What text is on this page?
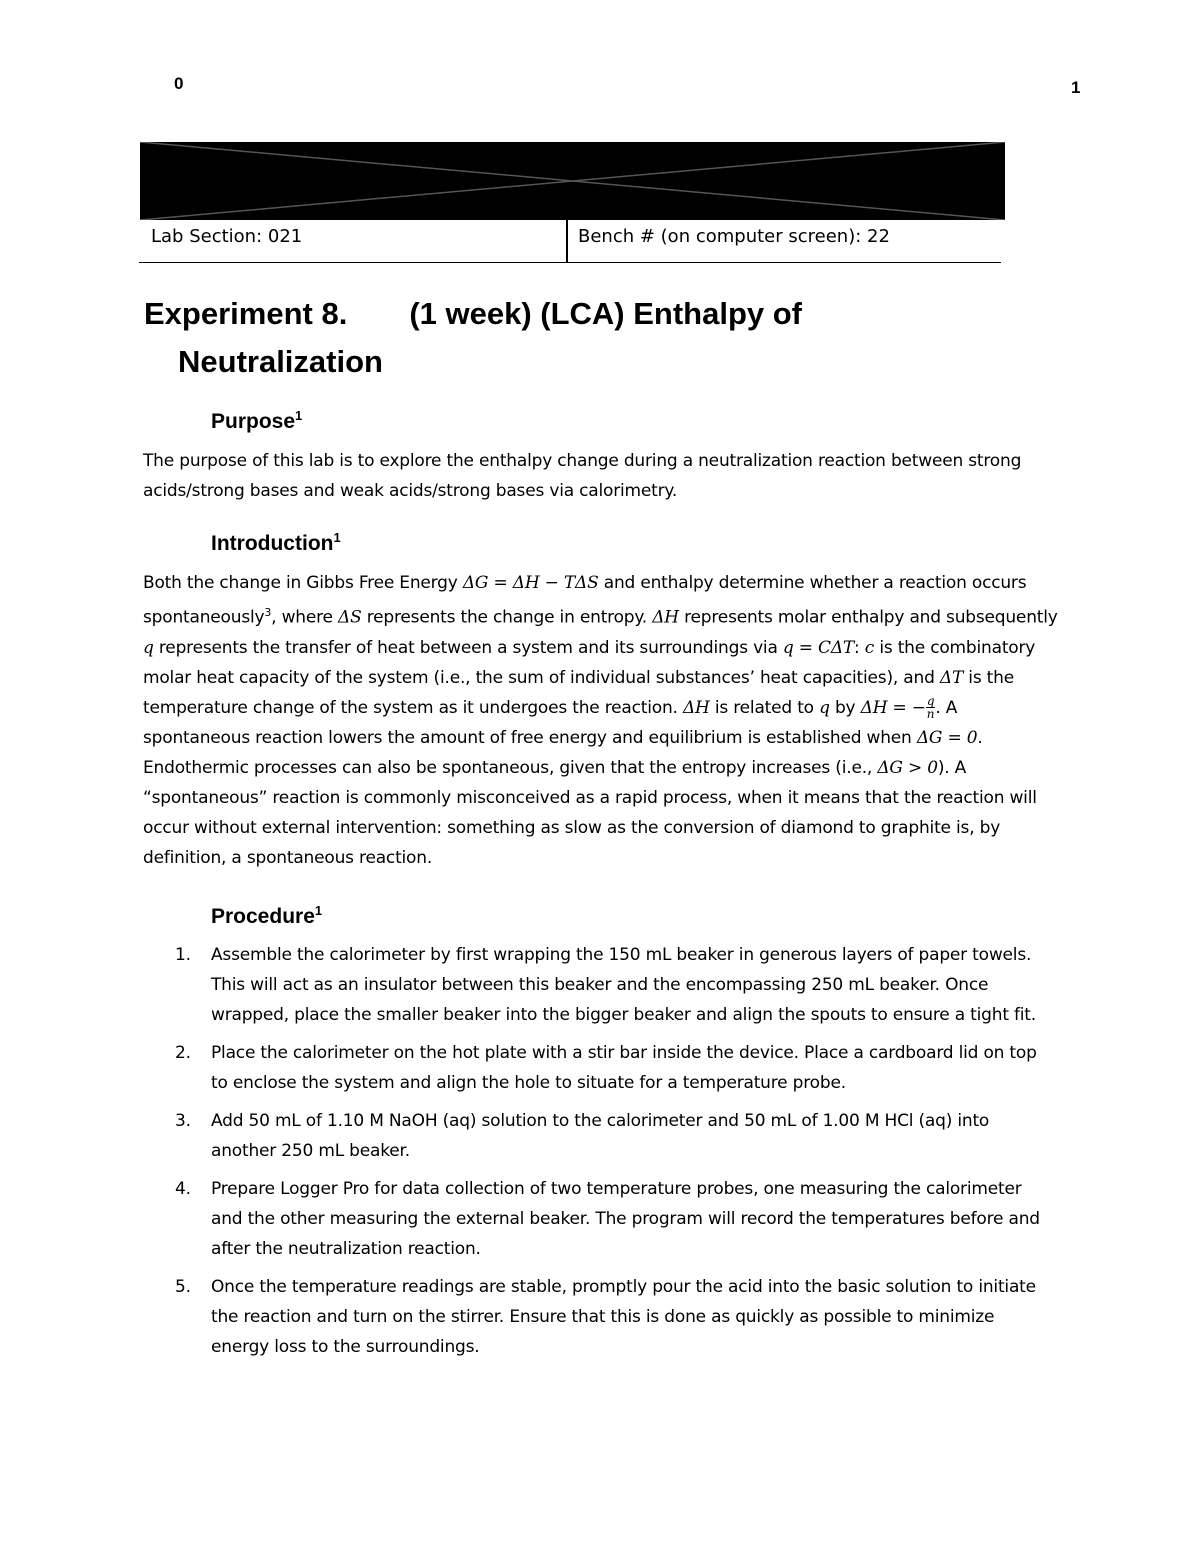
0	1
Lab Section: 021	Bench # (on computer screen): 22
Experiment 8. (1 week) (LCA) Enthalpy of
Neutralization
Purpose$^1$

The purpose of this lab is to explore the enthalpy change during a neutralization reaction between strong acids/strong bases and weak acids/strong bases via calorimetry.

Introduction$^1$

Both the change in Gibbs Free Energy ΔG = ΔH − TΔS and enthalpy determine whether a reaction occurs spontaneously$^3$, where ΔS represents the change in entropy. ΔH represents molar enthalpy and subsequently q represents the transfer of heat between a system and its surroundings via q = CΔT: c is the combinatory molar heat capacity of the system (i.e., the sum of individual substances’ heat capacities), and ΔT is the temperature change of the system as it undergoes the reaction. ΔH is related to q by ΔH = − $\frac{q}{n}$ . A spontaneous reaction lowers the amount of free energy and equilibrium is established when ΔG = 0. Endothermic processes can also be spontaneous, given that the entropy increases (i.e., ΔG > 0). A “spontaneous” reaction is commonly misconceived as a rapid process, when it means that the reaction will occur without external intervention: something as slow as the conversion of diamond to graphite is, by definition, a spontaneous reaction.

Procedure$^1$
1. Assemble the calorimeter by first wrapping the 150 mL beaker in generous layers of paper towels. This will act as an insulator between this beaker and the encompassing 250 mL beaker. Once wrapped, place the smaller beaker into the bigger beaker and align the spouts to ensure a tight fit.
2. Place the calorimeter on the hot plate with a stir bar inside the device. Place a cardboard lid on top to enclose the system and align the hole to situate for a temperature probe.
3. Add 50 mL of 1.10 M NaOH (aq) solution to the calorimeter and 50 mL of 1.00 M HCl (aq) into another 250 mL beaker.
4. Prepare Logger Pro for data collection of two temperature probes, one measuring the calorimeter and the other measuring the external beaker. The program will record the temperatures before and after the neutralization reaction.
5. Once the temperature readings are stable, promptly pour the acid into the basic solution to initiate the reaction and turn on the stirrer. Ensure that this is done as quickly as possible to minimize energy loss to the surroundings.
